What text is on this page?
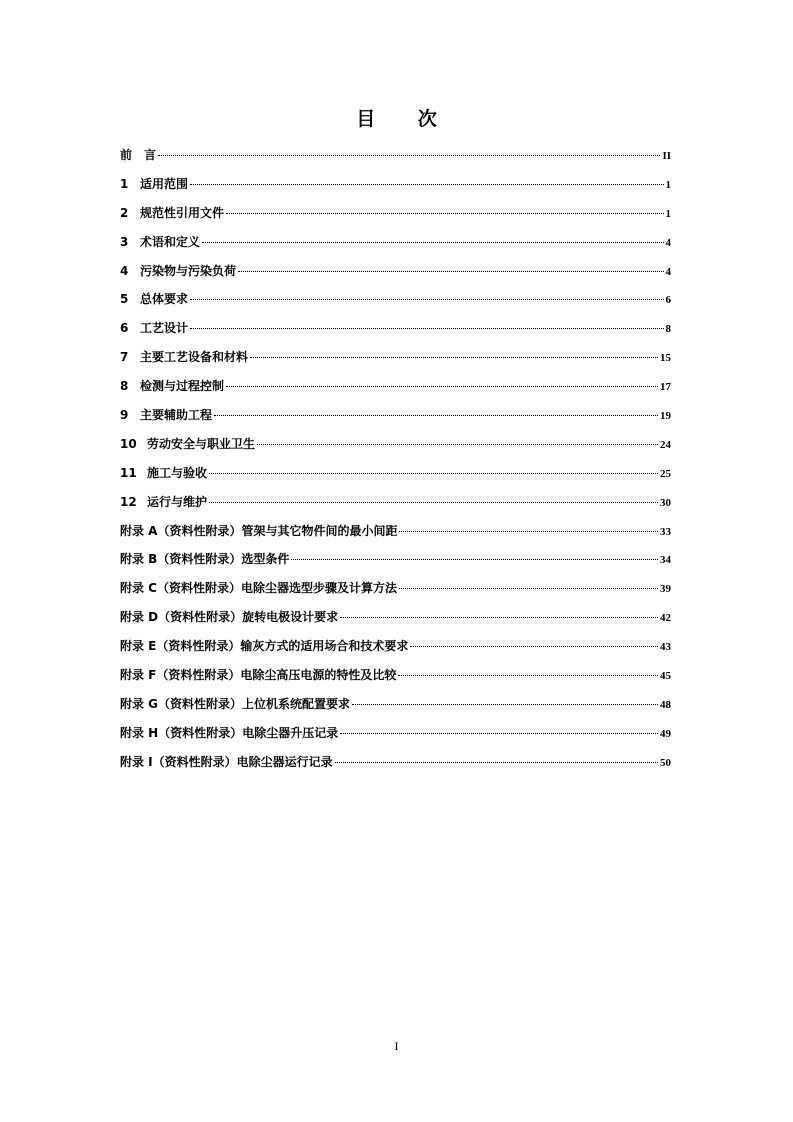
目 次
前　言	II
1 适用范围	1
2 规范性引用文件	1
3 术语和定义	4
4 污染物与污染负荷	4
5 总体要求	6
6 工艺设计	8
7 主要工艺设备和材料	15
8 检测与过程控制	17
9 主要辅助工程	19
10 劳动安全与职业卫生	24
11 施工与验收	25
12 运行与维护	30
附录 A（资料性附录）管架与其它物件间的最小间距	33
附录 B（资料性附录）选型条件	34
附录 C（资料性附录）电除尘器选型步骤及计算方法	39
附录 D（资料性附录）旋转电极设计要求	42
附录 E（资料性附录）输灰方式的适用场合和技术要求	43
附录 F（资料性附录）电除尘高压电源的特性及比较	45
附录 G（资料性附录）上位机系统配置要求	48
附录 H（资料性附录）电除尘器升压记录	49
附录 I（资料性附录）电除尘器运行记录	50
I
